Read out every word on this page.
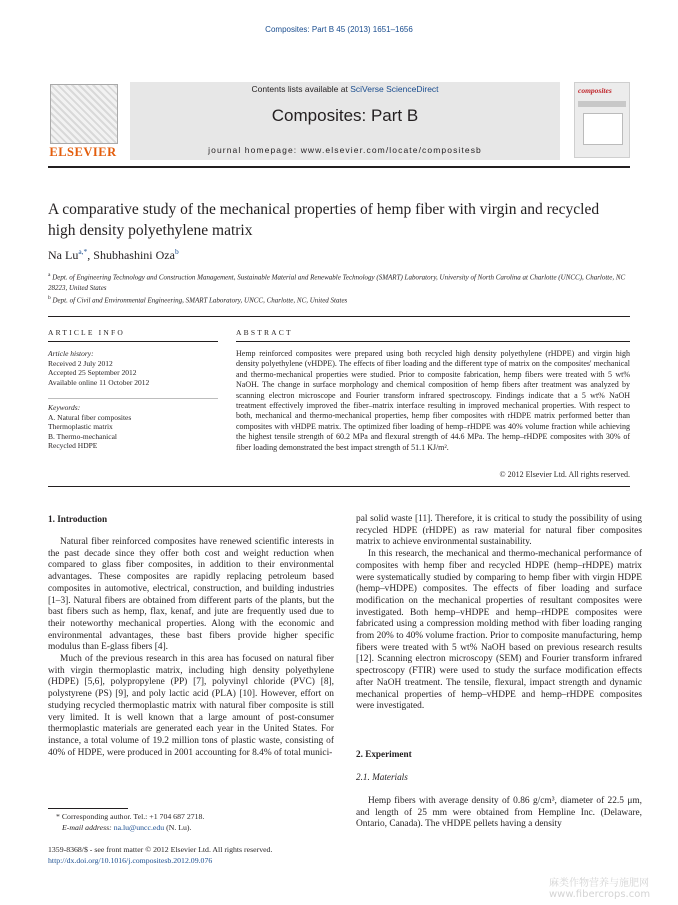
Composites: Part B 45 (2013) 1651–1656
ELSEVIER
Contents lists available at SciVerse ScienceDirect
Composites: Part B
journal homepage: www.elsevier.com/locate/compositesb
composites
A comparative study of the mechanical properties of hemp fiber with virgin and recycled high density polyethylene matrix
Na $Lu^{a,*}$, Shubhashini Oza$^b$
$^a$ Dept. of Engineering Technology and Construction Management, Sustainable Material and Renewable Technology (SMART) Laboratory, University of North Carolina at Charlotte (UNCC), Charlotte, NC 28223, United States
$^b$ Dept. of Civil and Environmental Engineering, SMART Laboratory, UNCC, Charlotte, NC, United States
ARTICLE INFO	ABSTRACT
Article history:
Received 2 July 2012
Accepted 25 September 2012
Available online 11 October 2012
Keywords:
A. Natural fiber composites
Thermoplastic matrix
B. Thermo-mechanical
Recycled HDPE
Hemp reinforced composites were prepared using both recycled high density polyethylene (rHDPE) and virgin high density polyethylene (vHDPE). The effects of fiber loading and the different type of matrix on the composites' mechanical and thermo-mechanical properties were studied. Prior to composite fabrication, hemp fibers were treated with 5 wt% NaOH. The change in surface morphology and chemical composition of hemp fibers after treatment was analyzed by scanning electron microscope and Fourier transform infrared spectroscopy. Findings indicate that a 5 wt% NaOH treatment effectively improved the fiber–matrix interface resulting in improved mechanical properties. With respect to both, mechanical and thermo-mechanical properties, hemp fiber composites with rHDPE matrix performed better than composites with vHDPE matrix. The optimized fiber loading of hemp–rHDPE was 40% volume fraction while achieving the highest tensile strength of 60.2 MPa and flexural strength of 44.6 MPa. The hemp–rHDPE composites with 30% of fiber loading demonstrated the best impact strength of 51.1 KJ/m².
© 2012 Elsevier Ltd. All rights reserved.
1. Introduction

Natural fiber reinforced composites have renewed scientific interests in the past decade since they offer both cost and weight reduction when compared to glass fiber composites, in addition to their environmental advantages. These composites are rapidly replacing petroleum based composites in automotive, electrical, construction, and building industries [1–3]. Natural fibers are obtained from different parts of the plants, but the bast fibers such as hemp, flax, kenaf, and jute are frequently used due to their noteworthy mechanical properties. Along with the economic and environmental advantages, these bast fibers provide higher specific modulus than E-glass fibers [4].

Much of the previous research in this area has focused on natural fiber with virgin thermoplastic matrix, including high density polyethylene (HDPE) [5,6], polypropylene (PP) [7], polyvinyl chloride (PVC) [8], polystyrene (PS) [9], and poly lactic acid (PLA) [10]. However, effort on studying recycled thermoplastic matrix with natural fiber composite is still very limited. It is well known that a large amount of post-consumer thermoplastic materials are generated each year in the United States. For instance, a total volume of 19.2 million tons of plastic waste, consisting of 40% of HDPE, were produced in 2001 accounting for 8.4% of total munici-

pal solid waste [11]. Therefore, it is critical to study the possibility of using recycled HDPE (rHDPE) as raw material for natural fiber composites matrix to achieve environmental sustainability.

In this research, the mechanical and thermo-mechanical performance of composites with hemp fiber and recycled HDPE (hemp–rHDPE) matrix were systematically studied by comparing to hemp fiber with virgin HDPE (hemp–vHDPE) composites. The effects of fiber loading and surface modification on the mechanical properties of resultant composites were investigated. Both hemp–vHDPE and hemp–rHDPE composites were fabricated using a compression molding method with fiber loading ranging from 20% to 40% volume fraction. Prior to composite manufacturing, hemp fibers were treated with 5 wt% NaOH based on previous research results [12]. Scanning electron microscopy (SEM) and Fourier transform infrared spectroscopy (FTIR) were used to study the surface modification effects after NaOH treatment. The tensile, flexural, impact strength and dynamic mechanical properties of hemp–vHDPE and hemp–rHDPE composites were investigated.

2. Experiment
2.1. Materials

Hemp fibers with average density of 0.86 g/cm³, diameter of 22.5 μm, and length of 25 mm were obtained from Hempline Inc. (Delaware, Ontario, Canada). The vHDPE pellets having a density

* Corresponding author. Tel.: +1 704 687 2718.
E-mail address: na.lu@uncc.edu (N. Lu).
1359-8368/$ - see front matter © 2012 Elsevier Ltd. All rights reserved.
http://dx.doi.org/10.1016/j.compositesb.2012.09.076
麻类作物营养与施肥网 www.fibercrops.com
